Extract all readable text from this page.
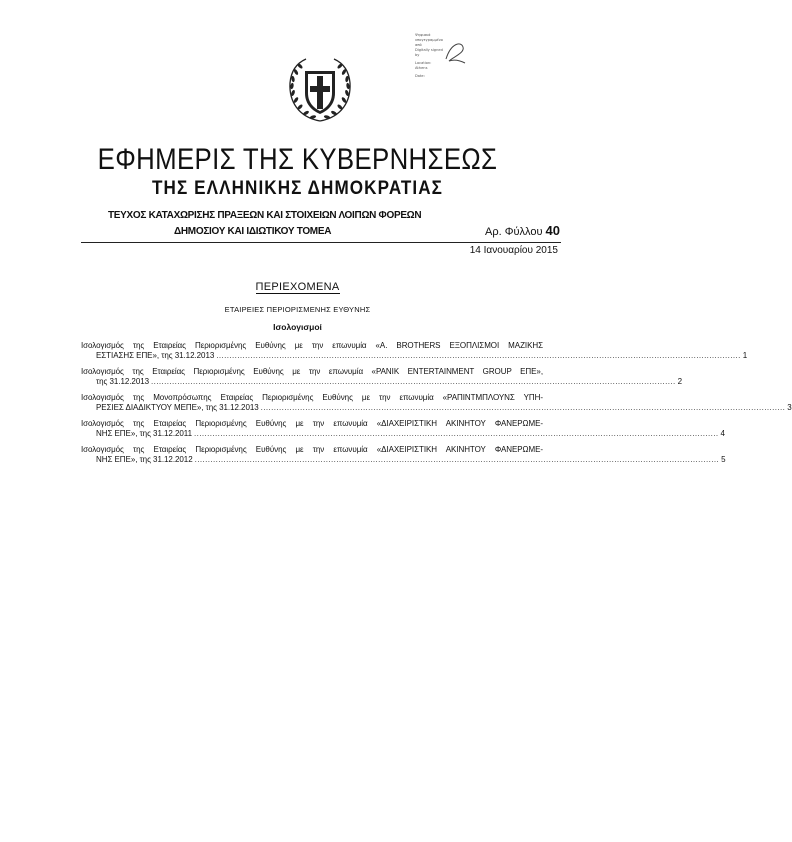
Ψηφιακά
υπογεγραμμένο
από
Digitally signed
by
Location:
Athens
Date:
ΕΦΗΜΕΡΙΣ ΤΗΣ ΚΥΒΕΡΝΗΣΕΩΣ
ΤΗΣ ΕΛΛΗΝΙΚΗΣ ΔΗΜΟΚΡΑΤΙΑΣ
ΤΕΥΧΟΣ ΚΑΤΑΧΩΡΙΣΗΣ ΠΡΑΞΕΩΝ ΚΑΙ ΣΤΟΙΧΕΙΩΝ ΛΟΙΠΩΝ ΦΟΡΕΩΝ
ΔΗΜΟΣΙΟΥ ΚΑΙ ΙΔΙΩΤΙΚΟΥ ΤΟΜΕΑ	Αρ. Φύλλου 40
14 Ιανουαρίου 2015
ΠΕΡΙΕΧΟΜΕΝΑ
ΕΤΑΙΡΕΙΕΣ ΠΕΡΙΟΡΙΣΜΕΝΗΣ ΕΥΘΥΝΗΣ
Ισολογισμοί
Ισολογισμός της Εταιρείας Περιορισμένης Ευθύνης με την επωνυμία «A. BROTHERS ΕΞΟΠΛΙΣΜΟΙ ΜΑΖΙΚΗΣ
ΕΣΤΙΑΣΗΣ ΕΠΕ», της 31.12.2013 ........................................................................................................................................................................................................ 1
Ισολογισμός της Εταιρείας Περιορισμένης Ευθύνης με την επωνυμία «PANIK ENTERTAINMENT GROUP ΕΠΕ»,
της 31.12.2013 ........................................................................................................................................................................................................ 2
Ισολογισμός της Μονοπρόσωπης Εταιρείας Περιορισμένης Ευθύνης με την επωνυμία «ΡΑΠΙΝΤΜΠΛΟΥΝΣ ΥΠΗ-
ΡΕΣΙΕΣ ΔΙΑΔΙΚΤΥΟΥ ΜΕΠΕ», της 31.12.2013 ........................................................................................................................................................................................................ 3
Ισολογισμός της Εταιρείας Περιορισμένης Ευθύνης με την επωνυμία «ΔΙΑΧΕΙΡΙΣΤΙΚΗ ΑΚΙΝΗΤΟΥ ΦΑΝΕΡΩΜΕ-
ΝΗΣ ΕΠΕ», της 31.12.2011 ........................................................................................................................................................................................................ 4
Ισολογισμός της Εταιρείας Περιορισμένης Ευθύνης με την επωνυμία «ΔΙΑΧΕΙΡΙΣΤΙΚΗ ΑΚΙΝΗΤΟΥ ΦΑΝΕΡΩΜΕ-
ΝΗΣ ΕΠΕ», της 31.12.2012 ........................................................................................................................................................................................................ 5
